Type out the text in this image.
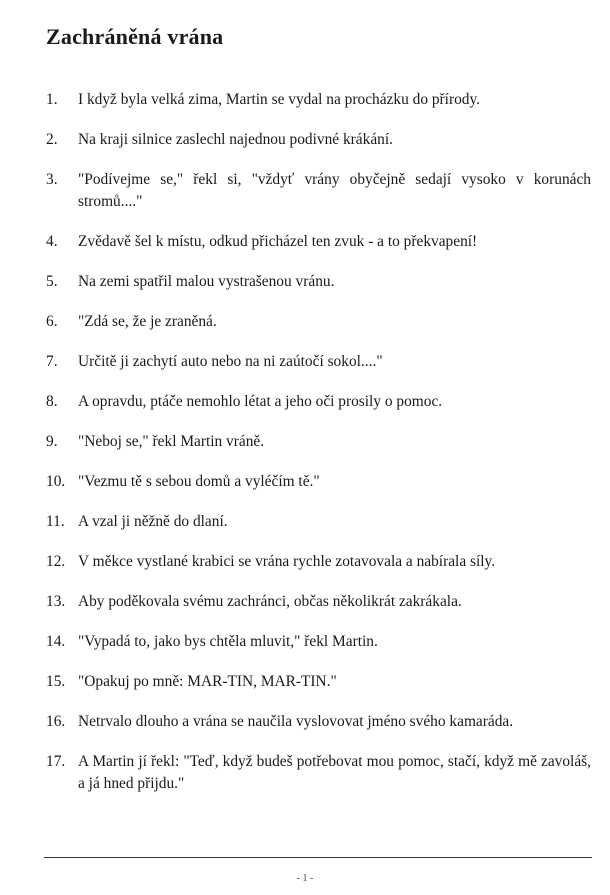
Zachráněná vrána
1.	I když byla velká zima, Martin se vydal na procházku do přírody.
2.	Na kraji silnice zaslechl najednou podivné krákání.
3.	"Podívejme se," řekl si, "vždyť vrány obyčejně sedají vysoko v korunách stromů...."
4.	Zvědavě šel k místu, odkud přicházel ten zvuk - a to překvapení!
5.	Na zemi spatřil malou vystrašenou vránu.
6.	"Zdá se, že je zraněná.
7.	Určitě ji zachytí auto nebo na ni zaútočí sokol...."
8.	A opravdu, ptáče nemohlo létat a jeho oči prosily o pomoc.
9.	"Neboj se," řekl Martin vráně.
10. "Vezmu tě s sebou domů a vyléčím tě."
11. A vzal ji něžně do dlaní.
12. V měkce vystlané krabici se vrána rychle zotavovala a nabírala síly.
13. Aby poděkovala svému zachránci, občas několikrát zakrákala.
14. "Vypadá to, jako bys chtěla mluvit," řekl Martin.
15. "Opakuj po mně: MAR-TIN, MAR-TIN."
16. Netrvalo dlouho a vrána se naučila vyslovovat jméno svého kamaráda.
17. A Martin jí řekl: "Teď, když budeš potřebovat mou pomoc, stačí, když mě zavoláš, a já hned přijdu."
- 1 -
